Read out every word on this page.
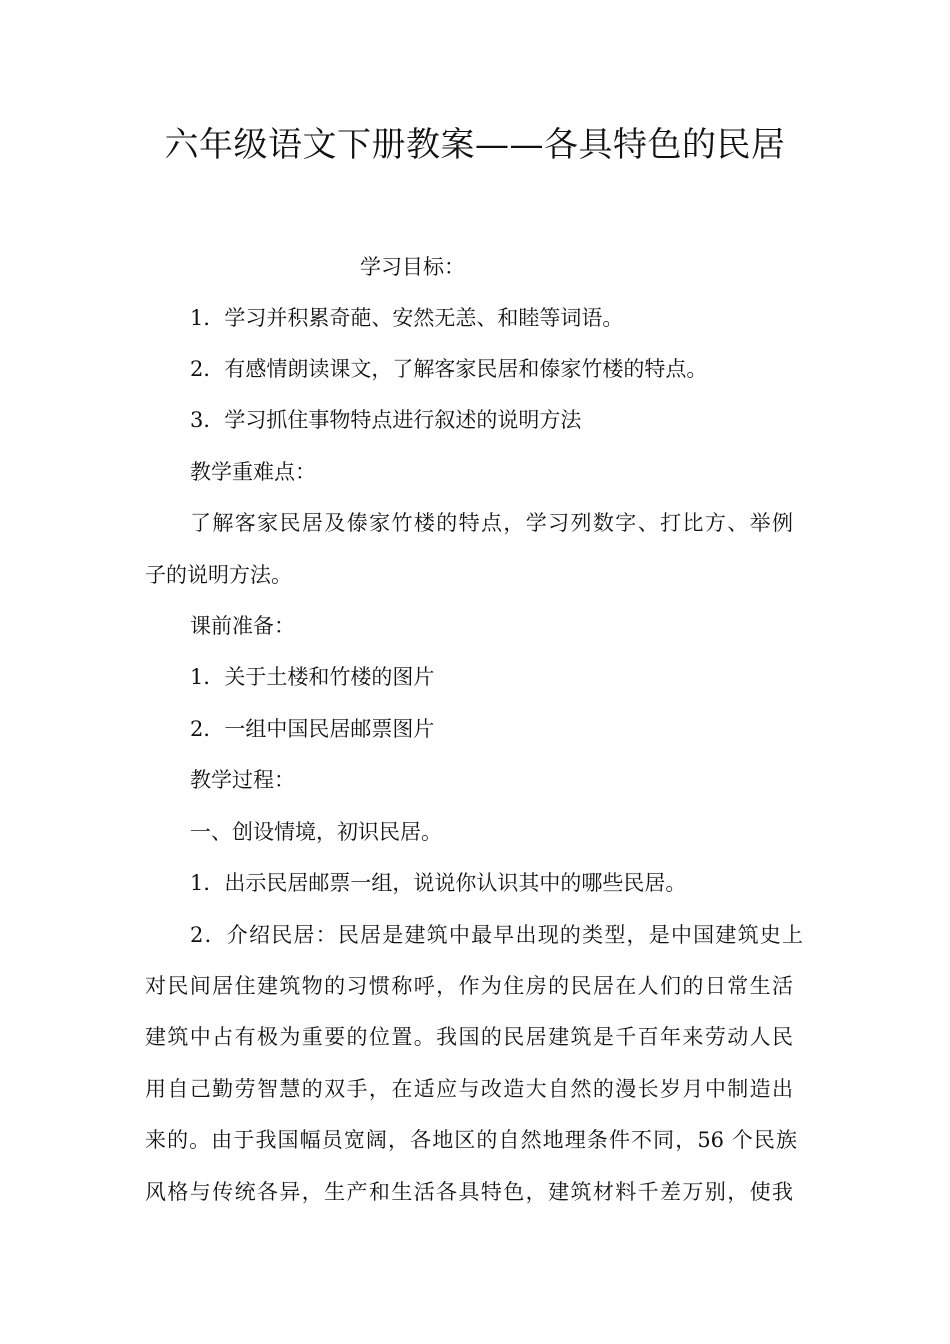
六年级语文下册教案——各具特色的民居
学习目标：
1．学习并积累奇葩、安然无恙、和睦等词语。
2．有感情朗读课文，了解客家民居和傣家竹楼的特点。
3．学习抓住事物特点进行叙述的说明方法
教学重难点：
了解客家民居及傣家竹楼的特点，学习列数字、打比方、举例
子的说明方法。
课前准备：
1．关于土楼和竹楼的图片
2．一组中国民居邮票图片
教学过程：
一、创设情境，初识民居。
1．出示民居邮票一组，说说你认识其中的哪些民居。
2．介绍民居：民居是建筑中最早出现的类型，是中国建筑史上
对民间居住建筑物的习惯称呼，作为住房的民居在人们的日常生活
建筑中占有极为重要的位置。我国的民居建筑是千百年来劳动人民
用自己勤劳智慧的双手，在适应与改造大自然的漫长岁月中制造出
来的。由于我国幅员宽阔，各地区的自然地理条件不同，56 个民族
风格与传统各异，生产和生活各具特色，建筑材料千差万别，使我
